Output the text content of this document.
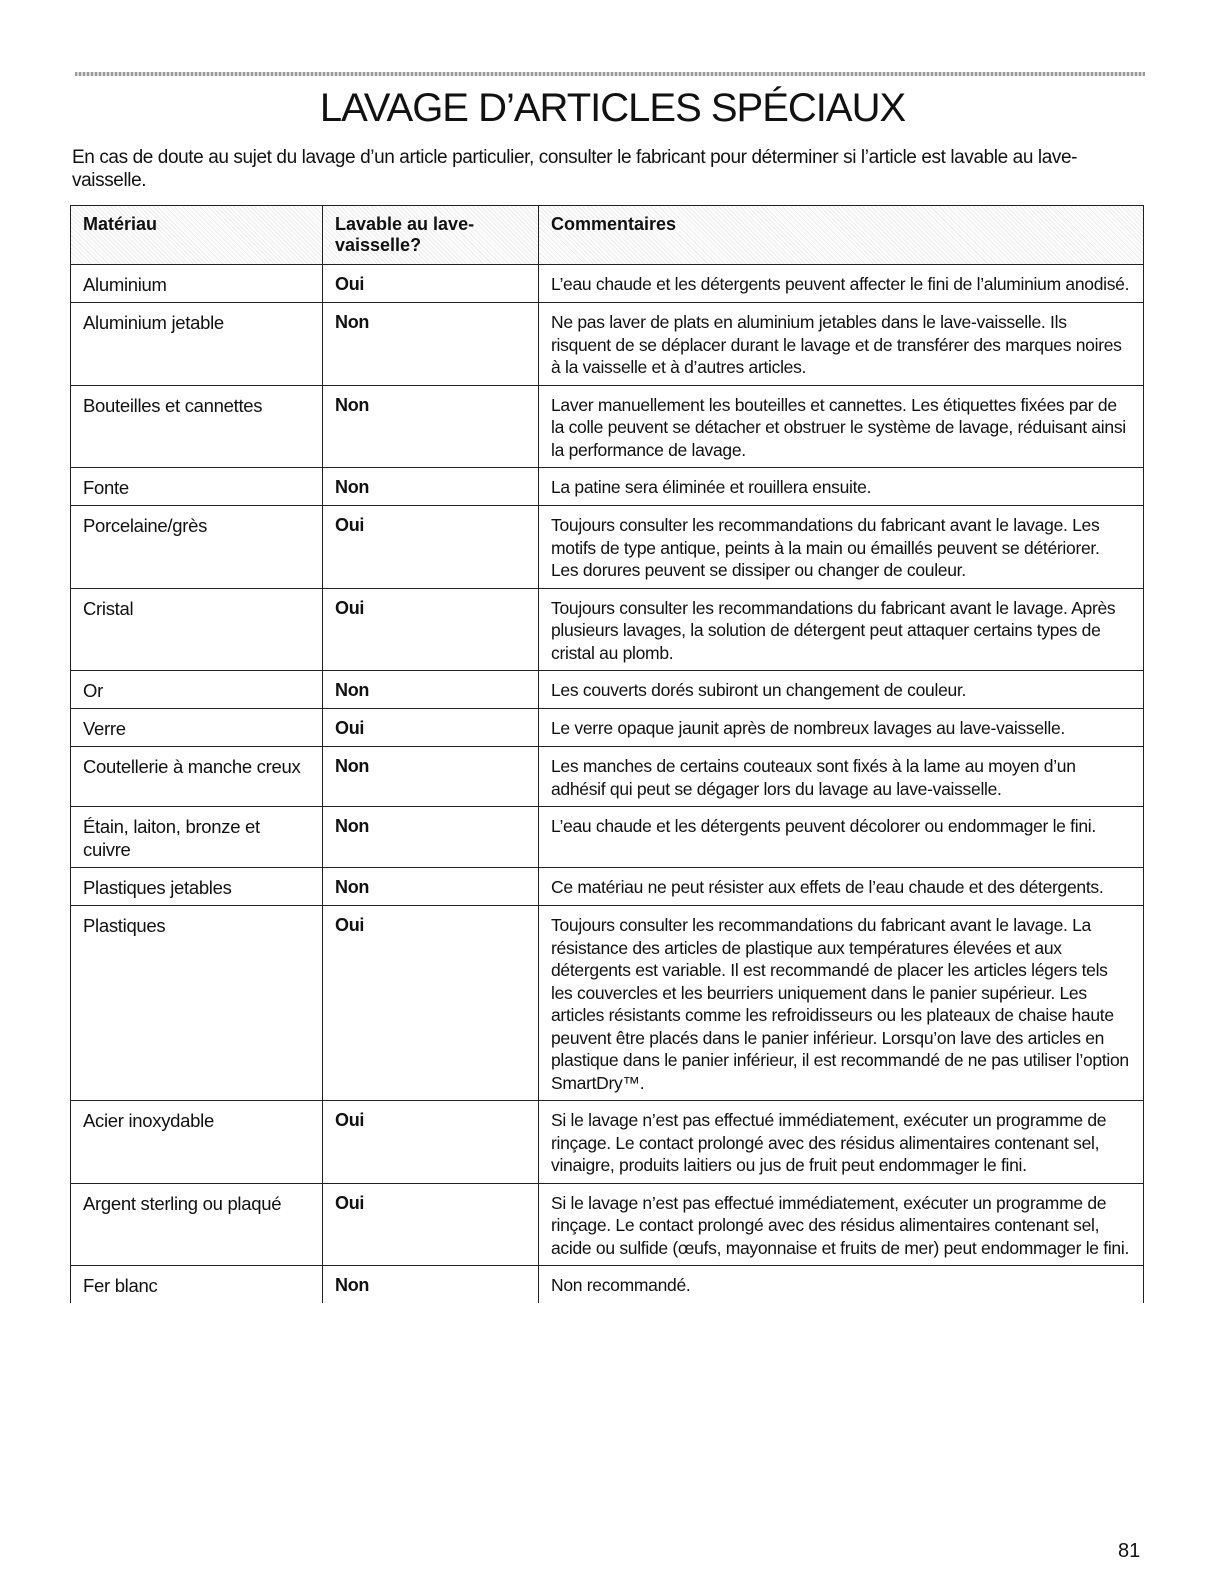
LAVAGE D’ARTICLES SPÉCIAUX

En cas de doute au sujet du lavage d’un article particulier, consulter le fabricant pour déterminer si l’article est lavable au lave-vaisselle.

Matériau	Lavable au lave-vaisselle?	Commentaires
Aluminium	Oui	L’eau chaude et les détergents peuvent affecter le fini de l’aluminium anodisé.
Aluminium jetable	Non	Ne pas laver de plats en aluminium jetables dans le lave-vaisselle. Ils risquent de se déplacer durant le lavage et de transférer des marques noires à la vaisselle et à d’autres articles.
Bouteilles et cannettes	Non	Laver manuellement les bouteilles et cannettes. Les étiquettes fixées par de la colle peuvent se détacher et obstruer le système de lavage, réduisant ainsi la performance de lavage.
Fonte	Non	La patine sera éliminée et rouillera ensuite.
Porcelaine/grès	Oui	Toujours consulter les recommandations du fabricant avant le lavage. Les motifs de type antique, peints à la main ou émaillés peuvent se détériorer. Les dorures peuvent se dissiper ou changer de couleur.
Cristal	Oui	Toujours consulter les recommandations du fabricant avant le lavage. Après plusieurs lavages, la solution de détergent peut attaquer certains types de cristal au plomb.
Or	Non	Les couverts dorés subiront un changement de couleur.
Verre	Oui	Le verre opaque jaunit après de nombreux lavages au lave-vaisselle.
Coutellerie à manche creux	Non	Les manches de certains couteaux sont fixés à la lame au moyen d’un adhésif qui peut se dégager lors du lavage au lave-vaisselle.
Étain, laiton, bronze et cuivre	Non	L’eau chaude et les détergents peuvent décolorer ou endommager le fini.
Plastiques jetables	Non	Ce matériau ne peut résister aux effets de l’eau chaude et des détergents.
Plastiques	Oui	Toujours consulter les recommandations du fabricant avant le lavage. La résistance des articles de plastique aux températures élevées et aux détergents est variable. Il est recommandé de placer les articles légers tels les couvercles et les beurriers uniquement dans le panier supérieur. Les articles résistants comme les refroidisseurs ou les plateaux de chaise haute peuvent être placés dans le panier inférieur. Lorsqu’on lave des articles en plastique dans le panier inférieur, il est recommandé de ne pas utiliser l’option SmartDry™.
Acier inoxydable	Oui	Si le lavage n’est pas effectué immédiatement, exécuter un programme de rinçage. Le contact prolongé avec des résidus alimentaires contenant sel, vinaigre, produits laitiers ou jus de fruit peut endommager le fini.
Argent sterling ou plaqué	Oui	Si le lavage n’est pas effectué immédiatement, exécuter un programme de rinçage. Le contact prolongé avec des résidus alimentaires contenant sel, acide ou sulfide (œufs, mayonnaise et fruits de mer) peut endommager le fini.
Fer blanc	Non	Non recommandé.
81
